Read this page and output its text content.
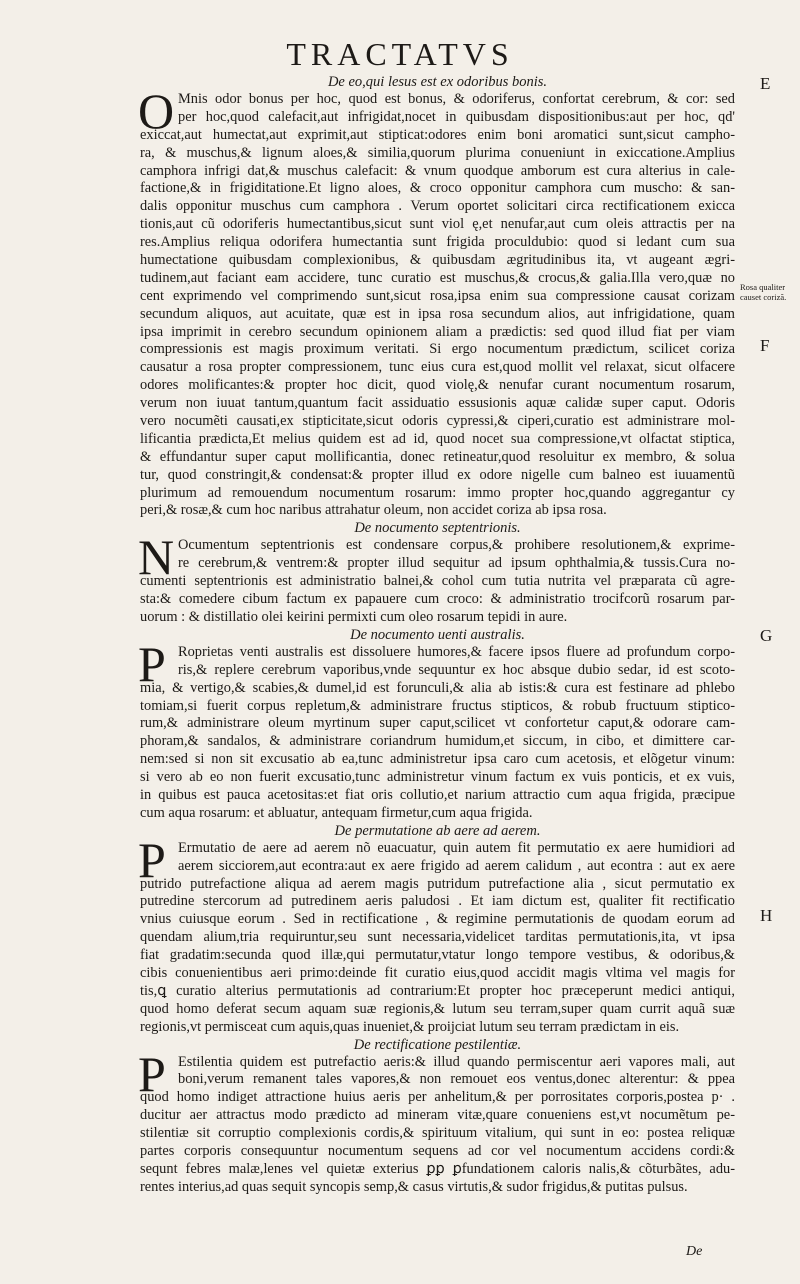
TRACTATVS
De eo,qui lesus est ex odoribus bonis.
O Mnis odor bonus per hoc, quod est bonus, & odoriferus, confortat cerebrum, & cor: sed
per hoc,quod calefacit,aut infrigidat,nocet in quibusdam dispositionibus:aut per hoc, qd'
exiccat,aut humectat,aut exprimit,aut stipticat:odores enim boni aromatici sunt,sicut campho-
ra, & muschus,& lignum aloes,& similia,quorum plurima conueniunt in exiccatione.Amplius
camphora infrigi dat,& muschus calefacit: & vnum quodque amborum est cura alterius in cale-
factione,& in frigiditatione.Et ligno aloes, & croco opponitur camphora cum muscho: & san-
dalis opponitur muschus cum camphora . Verum oportet solicitari circa rectificationem exicca
tionis,aut cũ odoriferis humectantibus,sicut sunt viol ę,et nenufar,aut cum oleis attractis per na
res.Amplius reliqua odorifera humectantia sunt frigida proculdubio: quod si ledant cum sua
humectatione quibusdam complexionibus, & quibusdam ægritudinibus ita, vt augeant ægri-
tudinem,aut faciant eam accidere, tunc curatio est muschus,& crocus,& galia.Illa vero,quæ no
cent exprimendo vel comprimendo sunt,sicut rosa,ipsa enim sua compressione causat corizam
secundum aliquos, aut acuitate, quæ est in ipsa rosa secundum alios, aut infrigidatione, quam
ipsa imprimit in cerebro secundum opinionem aliam a prædictis: sed quod illud fiat per viam
compressionis est magis proximum veritati. Si ergo nocumentum prædictum, scilicet coriza
causatur a rosa propter compressionem, tunc eius cura est,quod mollit vel relaxat, sicut olfacere
odores molificantes:& propter hoc dicit, quod violę,& nenufar curant nocumentum rosarum,
verum non iuuat tantum,quantum facit assiduatio essusionis aquæ calidæ super caput. Odoris
vero nocumẽti causati,ex stipticitate,sicut odoris cypressi,& ciperi,curatio est administrare mol-
lificantia prædicta,Et melius quidem est ad id, quod nocet sua compressione,vt olfactat stiptica,
& effundantur super caput mollificantia, donec retineatur,quod resoluitur ex membro, & solua
tur, quod constringit,& condensat:& propter illud ex odore nigelle cum balneo est iuuamentũ
plurimum ad remouendum nocumentum rosarum: immo propter hoc,quando aggregantur cy
peri,& rosæ,& cum hoc naribus attrahatur oleum, non accidet coriza ab ipsa rosa.
De nocumento septentrionis.
N Ocumentum septentrionis est condensare corpus,& prohibere resolutionem,& exprime-
re cerebrum,& ventrem:& propter illud sequitur ad ipsum ophthalmia,& tussis.Cura no-
cumenti septentrionis est administratio balnei,& cohol cum tutia nutrita vel præparata cũ agre-
sta:& comedere cibum factum ex papauere cum croco: & administratio trocifcorũ rosarum par-
uorum : & distillatio olei keirini permixti cum oleo rosarum tepidi in aure.
De nocumento uenti australis.
P Roprietas venti australis est dissoluere humores,& facere ipsos fluere ad profundum corpo-
ris,& replere cerebrum vaporibus,vnde sequuntur ex hoc absque dubio sedar, id est scoto-
mia, & vertigo,& scabies,& dumel,id est forunculi,& alia ab istis:& cura est festinare ad phlebo
tomiam,si fuerit corpus repletum,& administrare fructus stipticos, & robub fructuum stiptico-
rum,& administrare oleum myrtinum super caput,scilicet vt confortetur caput,& odorare cam-
phoram,& sandalos, & administrare coriandrum humidum,et siccum, in cibo, et dimittere car-
nem:sed si non sit excusatio ab ea,tunc administretur ipsa caro cum acetosis, et elõgetur vinum:
si vero ab eo non fuerit excusatio,tunc administretur vinum factum ex vuis ponticis, et ex vuis,
in quibus est pauca acetositas:et fiat oris collutio,et narium attractio cum aqua frigida, præcipue
cum aqua rosarum: et abluatur, antequam firmetur,cum aqua frigida.
De permutatione ab aere ad aerem.
P Ermutatio de aere ad aerem nõ euacuatur, quin autem fit permutatio ex aere humidiori ad
aerem sicciorem,aut econtra:aut ex aere frigido ad aerem calidum , aut econtra : aut ex aere
putrido putrefactione aliqua ad aerem magis putridum putrefactione alia , sicut permutatio ex
putredine stercorum ad putredinem aeris paludosi . Et iam dictum est, qualiter fit rectificatio
vnius cuiusque eorum . Sed in rectificatione , & regimine permutationis de quodam eorum ad
quendam alium,tria requiruntur,seu sunt necessaria,videlicet tarditas permutationis,ita, vt ipsa
fiat gradatim:secunda quod illæ,qui permutatur,vtatur longo tempore vestibus, & odoribus,&
cibis conuenientibus aeri primo:deinde fit curatio eius,quod accidit magis vltima vel magis for
tis,ꝗ curatio alterius permutationis ad contrarium:Et propter hoc præceperunt medici antiqui,
quod homo deferat secum aquam suæ regionis,& lutum seu terram,super quam currit aquã suæ
regionis,vt permisceat cum aquis,quas inueniet,& proijciat lutum seu terram prædictam in eis.
De rectificatione pestilentiæ.
P Estilentia quidem est putrefactio aeris:& illud quando permiscentur aeri vapores mali, aut
boni,verum remanent tales vapores,& non remouet eos ventus,donec alterentur: & ppea
quod homo indiget attractione huius aeris per anhelitum,& per porrositates corporis,postea p· .
ducitur aer attractus modo prædicto ad mineram vitæ,quare conueniens est,vt nocumẽtum pe-
stilentiæ sit corruptio complexionis cordis,& spirituum vitalium, qui sunt in eo: postea reliquæ
partes corporis consequuntur nocumentum sequens ad cor vel nocumentum accidens cordi:&
sequnt febres malæ,lenes vel quietæ exterius ꝑꝑ ꝑfundationem caloris nalis,& cõturbãtes, adu-
rentes interius,ad quas sequit syncopis semp,& casus virtutis,& sudor frigidus,& putitas pulsus.
E
F
G
H
Rosa qualiter
causet corizã.
De
